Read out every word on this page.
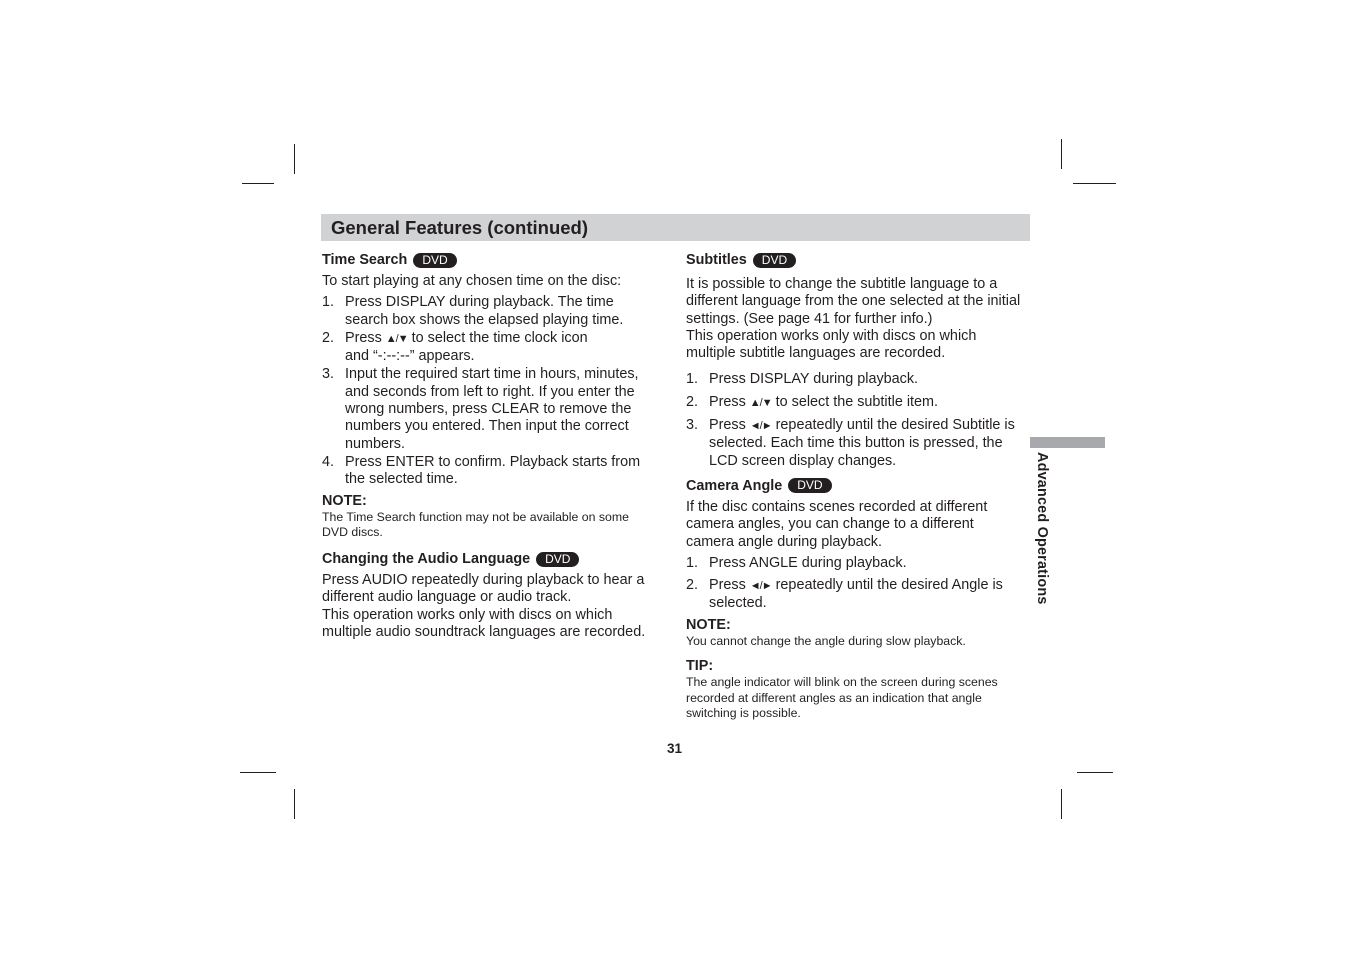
General Features (continued)
Time Search	DVD

To start playing at any chosen time on the disc:

1. Press DISPLAY during playback. The time
search box shows the elapsed playing time.
2. Press ▲/▼ to select the time clock icon
and “-:--:--” appears.
3. Input the required start time in hours, minutes,
and seconds from left to right. If you enter the
wrong numbers, press CLEAR to remove the
numbers you entered. Then input the correct
numbers.
4. Press ENTER to confirm. Playback starts from
the selected time.

NOTE:

The Time Search function may not be available on some
DVD discs.

Changing the Audio Language	DVD

Press AUDIO repeatedly during playback to hear a
different audio language or audio track.
This operation works only with discs on which
multiple audio soundtrack languages are recorded.

Subtitles	DVD

It is possible to change the subtitle language to a
different language from the one selected at the initial
settings. (See page 41 for further info.)
This operation works only with discs on which
multiple subtitle languages are recorded.

1. Press DISPLAY during playback.
2. Press ▲/▼ to select the subtitle item.
3. Press ◄/► repeatedly until the desired Subtitle is
selected. Each time this button is pressed, the
LCD screen display changes.
Camera Angle	DVD

If the disc contains scenes recorded at different
camera angles, you can change to a different
camera angle during playback.

1. Press ANGLE during playback.
2. Press ◄/► repeatedly until the desired Angle is
selected.

NOTE:

You cannot change the angle during slow playback.

TIP:

The angle indicator will blink on the screen during scenes
recorded at different angles as an indication that angle
switching is possible.

Advanced Operations
31
